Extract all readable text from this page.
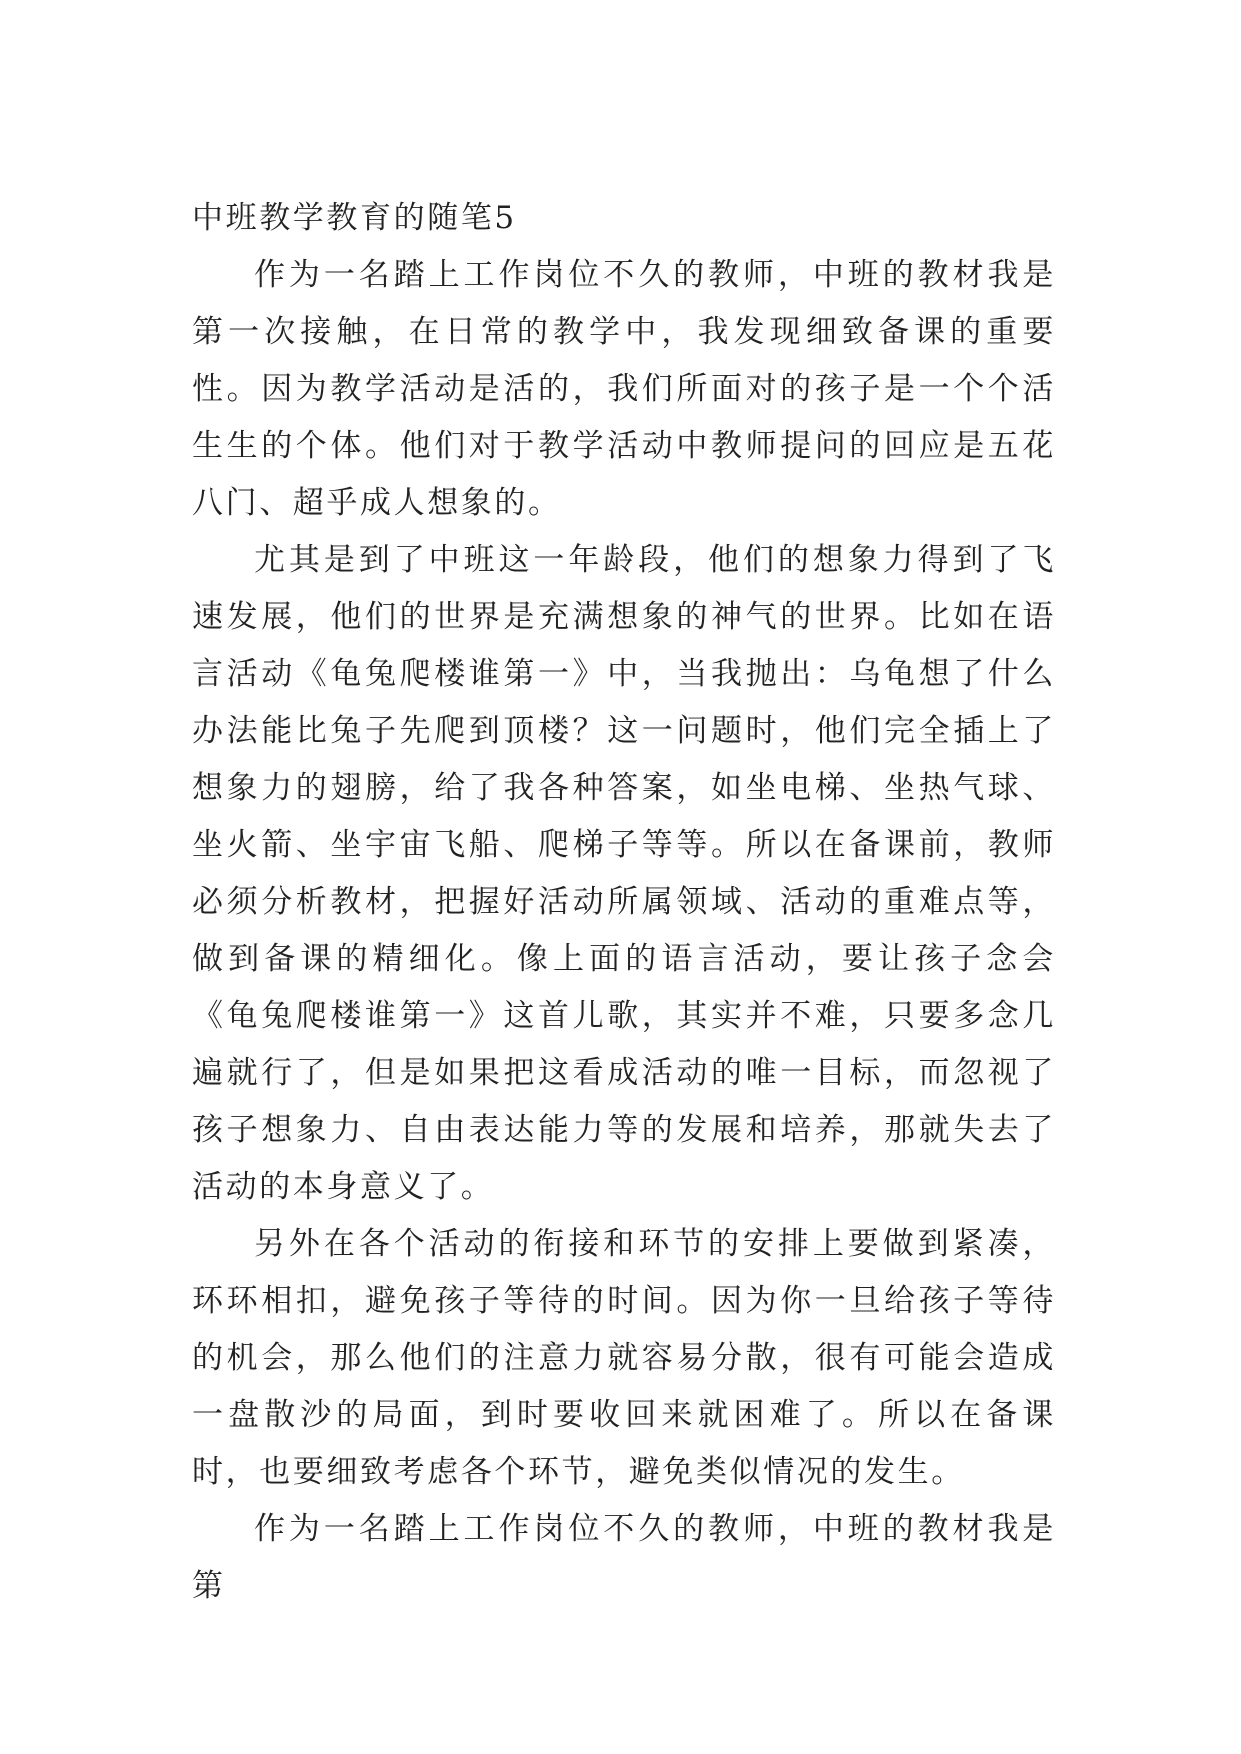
中班教学教育的随笔5

作为一名踏上工作岗位不久的教师，中班的教材我是第一次接触，在日常的教学中，我发现细致备课的重要性。因为教学活动是活的，我们所面对的孩子是一个个活生生的个体。他们对于教学活动中教师提问的回应是五花八门、超乎成人想象的。

尤其是到了中班这一年龄段，他们的想象力得到了飞速发展，他们的世界是充满想象的神气的世界。比如在语言活动《龟兔爬楼谁第一》中，当我抛出：乌龟想了什么办法能比兔子先爬到顶楼？这一问题时，他们完全插上了想象力的翅膀，给了我各种答案，如坐电梯、坐热气球、坐火箭、坐宇宙飞船、爬梯子等等。所以在备课前，教师必须分析教材，把握好活动所属领域、活动的重难点等，做到备课的精细化。像上面的语言活动，要让孩子念会《龟兔爬楼谁第一》这首儿歌，其实并不难，只要多念几遍就行了，但是如果把这看成活动的唯一目标，而忽视了孩子想象力、自由表达能力等的发展和培养，那就失去了活动的本身意义了。

另外在各个活动的衔接和环节的安排上要做到紧凑，环环相扣，避免孩子等待的时间。因为你一旦给孩子等待的机会，那么他们的注意力就容易分散，很有可能会造成一盘散沙的局面，到时要收回来就困难了。所以在备课时，也要细致考虑各个环节，避免类似情况的发生。

作为一名踏上工作岗位不久的教师，中班的教材我是第
